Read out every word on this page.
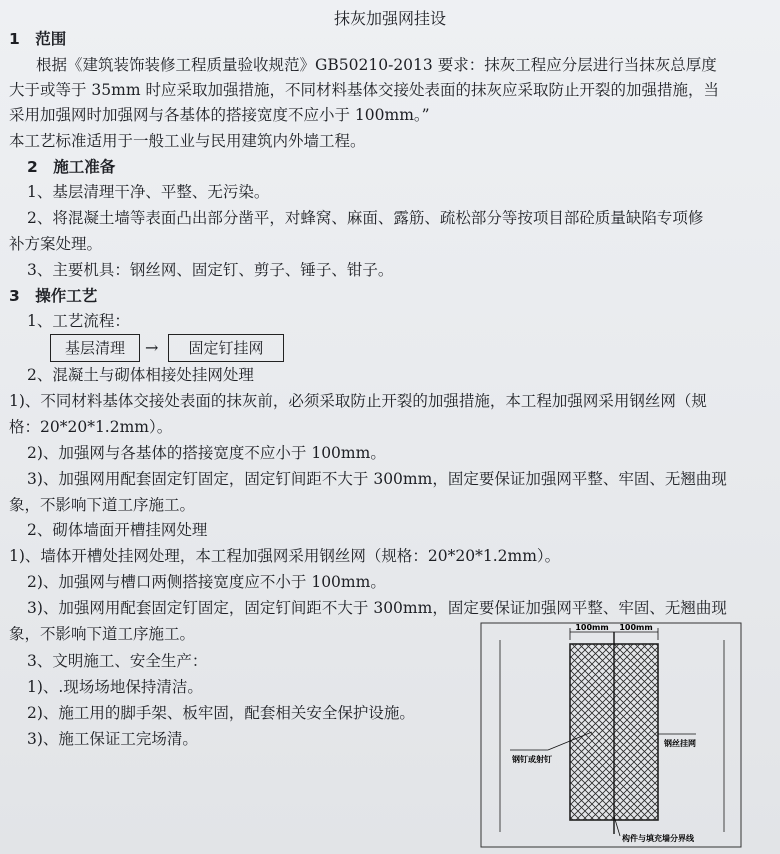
抹灰加强网挂设
1　范围
根据《建筑装饰装修工程质量验收规范》GB50210-2013 要求：抹灰工程应分层进行当抹灰总厚度
大于或等于 35mm 时应采取加强措施，不同材料基体交接处表面的抹灰应采取防止开裂的加强措施，当
采用加强网时加强网与各基体的搭接宽度不应小于 100mm。”
本工艺标准适用于一般工业与民用建筑内外墙工程。
2　施工准备
1、基层清理干净、平整、无污染。
2、将混凝土墙等表面凸出部分凿平，对蜂窝、麻面、露筋、疏松部分等按项目部砼质量缺陷专项修
补方案处理。
3、主要机具：钢丝网、固定钉、剪子、锤子、钳子。
3　操作工艺
1、工艺流程：
基层清理	→	固定钉挂网
2、混凝土与砌体相接处挂网处理
1)、不同材料基体交接处表面的抹灰前，必须采取防止开裂的加强措施，本工程加强网采用钢丝网（规
格：20*20*1.2mm）。
2)、加强网与各基体的搭接宽度不应小于 100mm。
3)、加强网用配套固定钉固定，固定钉间距不大于 300mm，固定要保证加强网平整、牢固、无翘曲现
象，不影响下道工序施工。
2、砌体墙面开槽挂网处理
1)、墙体开槽处挂网处理，本工程加强网采用钢丝网（规格：20*20*1.2mm）。
2)、加强网与槽口两侧搭接宽度应不小于 100mm。
3)、加强网用配套固定钉固定，固定钉间距不大于 300mm，固定要保证加强网平整、牢固、无翘曲现
象，不影响下道工序施工。
3、文明施工、安全生产：
1)、.现场场地保持清洁。
2)、施工用的脚手架、板牢固，配套相关安全保护设施。
3)、施工保证工完场清。
100mm 100mm
钢钉或射钉
钢丝挂网
构件与填充墙分界线
